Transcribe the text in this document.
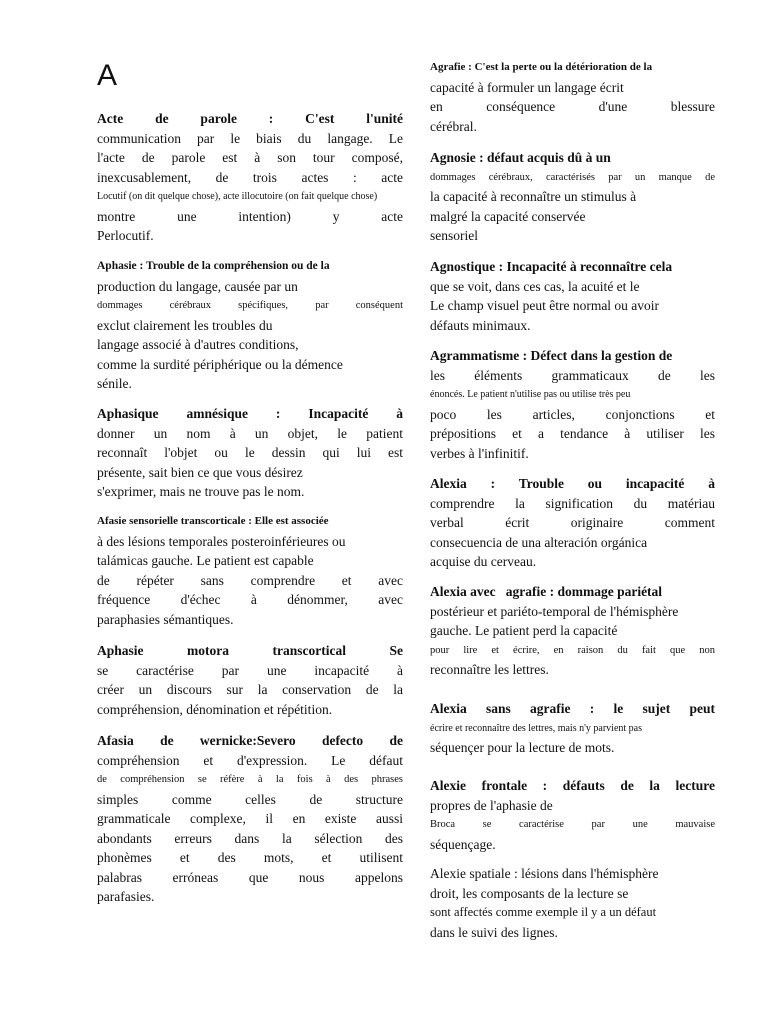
A
Acte de parole : C'est l'unité
communication par le biais du langage. Le
l'acte de parole est à son tour composé,
inexcusablement, de trois actes : acte
Locutif (on dit quelque chose), acte illocutoire (on fait quelque chose)
montre une intention) y acte
Perlocutif.
Aphasie : Trouble de la compréhension ou de la
production du langage, causée par un
dommages cérébraux spécifiques, par conséquent
exclut clairement les troubles du
langage associé à d'autres conditions,
comme la surdité périphérique ou la démence
sénile.
Aphasique amnésique : Incapacité à
donner un nom à un objet, le patient
reconnaît l'objet ou le dessin qui lui est
présente, sait bien ce que vous désirez
s'exprimer, mais ne trouve pas le nom.
Afasie sensorielle transcorticale : Elle est associée
à des lésions temporales posteroinférieures ou
talámicas gauche. Le patient est capable
de répéter sans comprendre et avec
fréquence d'échec à dénommer, avec
paraphasies sémantiques.
Aphasie motora transcortical Se
se caractérise par une incapacité à
créer un discours sur la conservation de la
compréhension, dénomination et répétition.
Afasia de wernicke:Severo defecto de
compréhension et d'expression. Le défaut
de compréhension se réfère à la fois à des phrases
simples comme celles de structure
grammaticale complexe, il en existe aussi
abondants erreurs dans la sélection des
phonèmes et des mots, et utilisent
palabras erróneas que nous appelons
parafasies.
Agrafie : C'est la perte ou la détérioration de la
capacité à formuler un langage écrit
en conséquence d'une blessure
cérébral.
Agnosie : défaut acquis dû à un
dommages cérébraux, caractérisés par un manque de
la capacité à reconnaître un stimulus à
malgré la capacité conservée
sensoriel
Agnostique : Incapacité à reconnaître cela
que se voit, dans ces cas, la acuité et le
Le champ visuel peut être normal ou avoir
défauts minimaux.
Agrammatisme : Défect dans la gestion de
les éléments grammaticaux de les
énoncés. Le patient n'utilise pas ou utilise très peu
poco les articles, conjonctions et
prépositions et a tendance à utiliser les
verbes à l'infinitif.
Alexia : Trouble ou incapacité à
comprendre la signification du matériau
verbal écrit originaire comment
consecuencia de una alteración orgánica
acquise du cerveau.
Alexia avec   agrafie : dommage pariétal
postérieur et pariéto-temporal de l'hémisphère
gauche. Le patient perd la capacité
pour lire et écrire, en raison du fait que non
reconnaître les lettres.
Alexia sans agrafie : le sujet peut
écrire et reconnaître des lettres, mais n'y parvient pas
séquençer pour la lecture de mots.
Alexie frontale : défauts de la lecture
propres de l'aphasie de
Broca se caractérise par une mauvaise
séquençage.
Alexie spatiale : lésions dans l'hémisphère
droit, les composants de la lecture se
sont affectés comme exemple il y a un défaut
dans le suivi des lignes.
